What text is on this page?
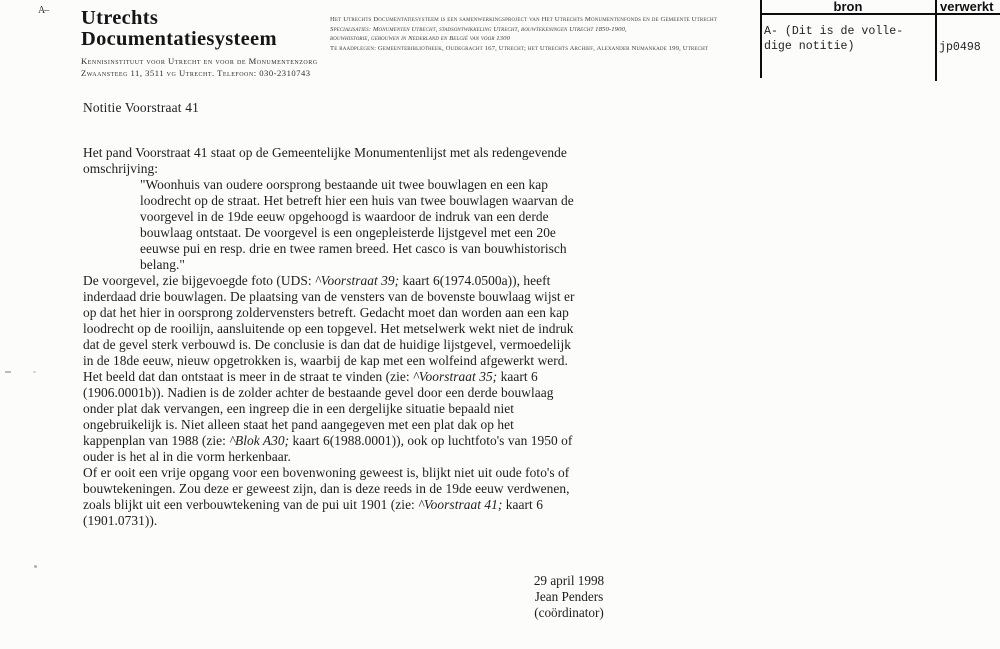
A– Utrechts
Documentatiesysteem
Kennisinstituut voor Utrecht en voor de Monumentenzorg
Zwaansteeg 11, 3511 vg Utrecht. Telefoon: 030-2310743
Het Utrechts Documentatiesysteem is een samenwerkingsproject van Het Utrechts Monumentenfonds en de Gemeente Utrecht
Specialisaties: Monumenten Utrecht, stadsontwikkeling Utrecht, bouwtekeningen Utrecht 1850-1900,
bouwhistorie, gebouwen in Nederland en België van voor 1300
Te raadplegen: Gemeentebibliotheek, Oudegracht 167, Utrecht; het Utrechts Archief, Alexander Numankade 199, Utrecht
bron	verwerkt
A- (Dit is de volle-
dige notitie)	jp0498
Notitie Voorstraat 41
Het pand Voorstraat 41 staat op de Gemeentelijke Monumentenlijst met als redengevende
omschrijving:
"Woonhuis van oudere oorsprong bestaande uit twee bouwlagen en een kap
loodrecht op de straat. Het betreft hier een huis van twee bouwlagen waarvan de
voorgevel in de 19de eeuw opgehoogd is waardoor de indruk van een derde
bouwlaag ontstaat. De voorgevel is een ongepleisterde lijstgevel met een 20e
eeuwse pui en resp. drie en twee ramen breed. Het casco is van bouwhistorisch
belang."
De voorgevel, zie bijgevoegde foto (UDS: ^Voorstraat 39; kaart 6(1974.0500a)), heeft
inderdaad drie bouwlagen. De plaatsing van de vensters van de bovenste bouwlaag wijst er
op dat het hier in oorsprong zoldervensters betreft. Gedacht moet dan worden aan een kap
loodrecht op de rooilijn, aansluitende op een topgevel. Het metselwerk wekt niet de indruk
dat de gevel sterk verbouwd is. De conclusie is dan dat de huidige lijstgevel, vermoedelijk
in de 18de eeuw, nieuw opgetrokken is, waarbij de kap met een wolfeind afgewerkt werd.
Het beeld dat dan ontstaat is meer in de straat te vinden (zie: ^Voorstraat 35; kaart 6
(1906.0001b)). Nadien is de zolder achter de bestaande gevel door een derde bouwlaag
onder plat dak vervangen, een ingreep die in een dergelijke situatie bepaald niet
ongebruikelijk is. Niet alleen staat het pand aangegeven met een plat dak op het
kappenplan van 1988 (zie: ^Blok A30; kaart 6(1988.0001)), ook op luchtfoto's van 1950 of
ouder is het al in die vorm herkenbaar.
Of er ooit een vrije opgang voor een bovenwoning geweest is, blijkt niet uit oude foto's of
bouwtekeningen. Zou deze er geweest zijn, dan is deze reeds in de 19de eeuw verdwenen,
zoals blijkt uit een verbouwtekening van de pui uit 1901 (zie: ^Voorstraat 41; kaart 6
(1901.0731)).
29 april 1998
Jean Penders
(coördinator)
